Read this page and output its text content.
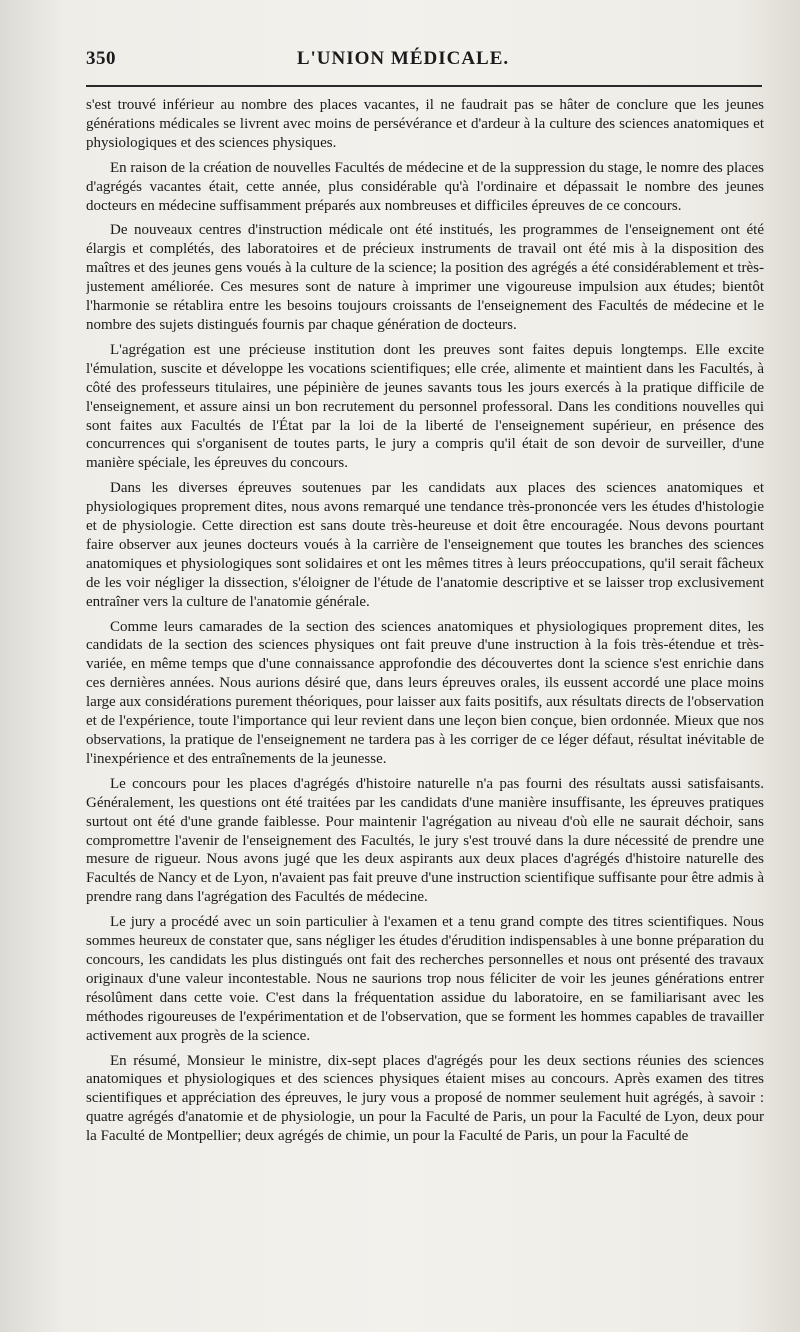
350	L'UNION MÉDICALE.

s'est trouvé inférieur au nombre des places vacantes, il ne faudrait pas se hâter de conclure que les jeunes générations médicales se livrent avec moins de persévérance et d'ardeur à la culture des sciences anatomiques et physiologiques et des sciences physiques.

En raison de la création de nouvelles Facultés de médecine et de la suppression du stage, le nomre des places d'agrégés vacantes était, cette année, plus considérable qu'à l'ordinaire et dépassait le nombre des jeunes docteurs en médecine suffisamment préparés aux nombreuses et difficiles épreuves de ce concours.

De nouveaux centres d'instruction médicale ont été institués, les programmes de l'enseignement ont été élargis et complétés, des laboratoires et de précieux instruments de travail ont été mis à la disposition des maîtres et des jeunes gens voués à la culture de la science; la position des agrégés a été considérablement et très-justement améliorée. Ces mesures sont de nature à imprimer une vigoureuse impulsion aux études; bientôt l'harmonie se rétablira entre les besoins toujours croissants de l'enseignement des Facultés de médecine et le nombre des sujets distingués fournis par chaque génération de docteurs.

L'agrégation est une précieuse institution dont les preuves sont faites depuis longtemps. Elle excite l'émulation, suscite et développe les vocations scientifiques; elle crée, alimente et maintient dans les Facultés, à côté des professeurs titulaires, une pépinière de jeunes savants tous les jours exercés à la pratique difficile de l'enseignement, et assure ainsi un bon recrutement du personnel professoral. Dans les conditions nouvelles qui sont faites aux Facultés de l'État par la loi de la liberté de l'enseignement supérieur, en présence des concurrences qui s'organisent de toutes parts, le jury a compris qu'il était de son devoir de surveiller, d'une manière spéciale, les épreuves du concours.

Dans les diverses épreuves soutenues par les candidats aux places des sciences anatomiques et physiologiques proprement dites, nous avons remarqué une tendance très-prononcée vers les études d'histologie et de physiologie. Cette direction est sans doute très-heureuse et doit être encouragée. Nous devons pourtant faire observer aux jeunes docteurs voués à la carrière de l'enseignement que toutes les branches des sciences anatomiques et physiologiques sont solidaires et ont les mêmes titres à leurs préoccupations, qu'il serait fâcheux de les voir négliger la dissection, s'éloigner de l'étude de l'anatomie descriptive et se laisser trop exclusivement entraîner vers la culture de l'anatomie générale.

Comme leurs camarades de la section des sciences anatomiques et physiologiques proprement dites, les candidats de la section des sciences physiques ont fait preuve d'une instruction à la fois très-étendue et très-variée, en même temps que d'une connaissance approfondie des découvertes dont la science s'est enrichie dans ces dernières années. Nous aurions désiré que, dans leurs épreuves orales, ils eussent accordé une place moins large aux considérations purement théoriques, pour laisser aux faits positifs, aux résultats directs de l'observation et de l'expérience, toute l'importance qui leur revient dans une leçon bien conçue, bien ordonnée. Mieux que nos observations, la pratique de l'enseignement ne tardera pas à les corriger de ce léger défaut, résultat inévitable de l'inexpérience et des entraînements de la jeunesse.

Le concours pour les places d'agrégés d'histoire naturelle n'a pas fourni des résultats aussi satisfaisants. Généralement, les questions ont été traitées par les candidats d'une manière insuffisante, les épreuves pratiques surtout ont été d'une grande faiblesse. Pour maintenir l'agrégation au niveau d'où elle ne saurait déchoir, sans compromettre l'avenir de l'enseignement des Facultés, le jury s'est trouvé dans la dure nécessité de prendre une mesure de rigueur. Nous avons jugé que les deux aspirants aux deux places d'agrégés d'histoire naturelle des Facultés de Nancy et de Lyon, n'avaient pas fait preuve d'une instruction scientifique suffisante pour être admis à prendre rang dans l'agrégation des Facultés de médecine.

Le jury a procédé avec un soin particulier à l'examen et a tenu grand compte des titres scientifiques. Nous sommes heureux de constater que, sans négliger les études d'érudition indispensables à une bonne préparation du concours, les candidats les plus distingués ont fait des recherches personnelles et nous ont présenté des travaux originaux d'une valeur incontestable. Nous ne saurions trop nous féliciter de voir les jeunes générations entrer résolûment dans cette voie. C'est dans la fréquentation assidue du laboratoire, en se familiarisant avec les méthodes rigoureuses de l'expérimentation et de l'observation, que se forment les hommes capables de travailler activement aux progrès de la science.

En résumé, Monsieur le ministre, dix-sept places d'agrégés pour les deux sections réunies des sciences anatomiques et physiologiques et des sciences physiques étaient mises au concours. Après examen des titres scientifiques et appréciation des épreuves, le jury vous a proposé de nommer seulement huit agrégés, à savoir : quatre agrégés d'anatomie et de physiologie, un pour la Faculté de Paris, un pour la Faculté de Lyon, deux pour la Faculté de Montpellier; deux agrégés de chimie, un pour la Faculté de Paris, un pour la Faculté de
